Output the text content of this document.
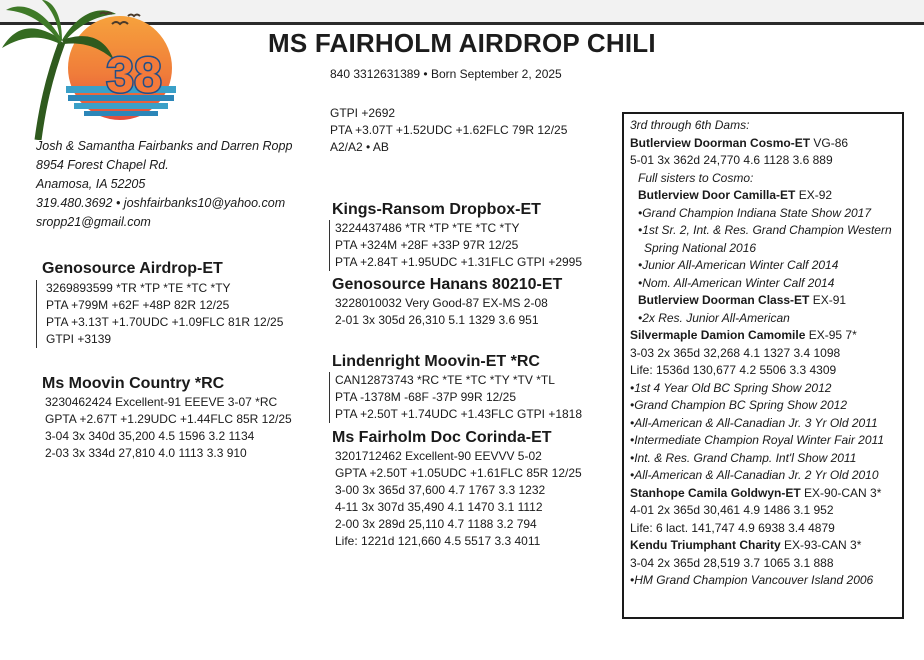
38
MS FAIRHOLM AIRDROP CHILI
840 3312631389 • Born September 2, 2025
GTPI +2692
PTA +3.07T +1.52UDC +1.62FLC 79R 12/25
A2/A2 • AB
Josh & Samantha Fairbanks and Darren Ropp
8954 Forest Chapel Rd.
Anamosa, IA 52205
319.480.3692 • joshfairbanks10@yahoo.com
sropp21@gmail.com
Genosource Airdrop-ET
3269893599 *TR *TP *TE *TC *TY
PTA +799M +62F +48P 82R 12/25
PTA +3.13T +1.70UDC +1.09FLC 81R 12/25
GTPI +3139
Ms Moovin Country *RC
3230462424 Excellent-91 EEEVE 3-07 *RC
GPTA +2.67T +1.29UDC +1.44FLC 85R 12/25
3-04 3x 340d 35,200 4.5 1596 3.2 1134
2-03 3x 334d 27,810 4.0 1113 3.3 910
Kings-Ransom Dropbox-ET
3224437486 *TR *TP *TE *TC *TY
PTA +324M +28F +33P 97R 12/25
PTA +2.84T +1.95UDC +1.31FLC GTPI +2995
Genosource Hanans 80210-ET
3228010032 Very Good-87 EX-MS 2-08
2-01 3x 305d 26,310 5.1 1329 3.6 951
Lindenright Moovin-ET *RC
CAN12873743 *RC *TE *TC *TY *TV *TL
PTA -1378M -68F -37P 99R 12/25
PTA +2.50T +1.74UDC +1.43FLC GTPI +1818
Ms Fairholm Doc Corinda-ET
3201712462 Excellent-90 EEVVV 5-02
GPTA +2.50T +1.05UDC +1.61FLC 85R 12/25
3-00 3x 365d 37,600 4.7 1767 3.3 1232
4-11 3x 307d 35,490 4.1 1470 3.1 1112
2-00 3x 289d 25,110 4.7 1188 3.2 794
Life: 1221d 121,660 4.5 5517 3.3 4011
3rd through 6th Dams:
Butlerview Doorman Cosmo-ET VG-86
5-01 3x 362d 24,770 4.6 1128 3.6 889
Full sisters to Cosmo:
Butlerview Door Camilla-ET EX-92
•Grand Champion Indiana State Show 2017
•1st Sr. 2, Int. & Res. Grand Champion Western
Spring National 2016
•Junior All-American Winter Calf 2014
•Nom. All-American Winter Calf 2014
Butlerview Doorman Class-ET EX-91
•2x Res. Junior All-American
Silvermaple Damion Camomile EX-95 7*
3-03 2x 365d 32,268 4.1 1327 3.4 1098
Life: 1536d 130,677 4.2 5506 3.3 4309
•1st 4 Year Old BC Spring Show 2012
•Grand Champion BC Spring Show 2012
•All-American & All-Canadian Jr. 3 Yr Old 2011
•Intermediate Champion Royal Winter Fair 2011
•Int. & Res. Grand Champ. Int'l Show 2011
•All-American & All-Canadian Jr. 2 Yr Old 2010
Stanhope Camila Goldwyn-ET EX-90-CAN 3*
4-01 2x 365d 30,461 4.9 1486 3.1 952
Life: 6 lact. 141,747 4.9 6938 3.4 4879
Kendu Triumphant Charity EX-93-CAN 3*
3-04 2x 365d 28,519 3.7 1065 3.1 888
•HM Grand Champion Vancouver Island 2006
